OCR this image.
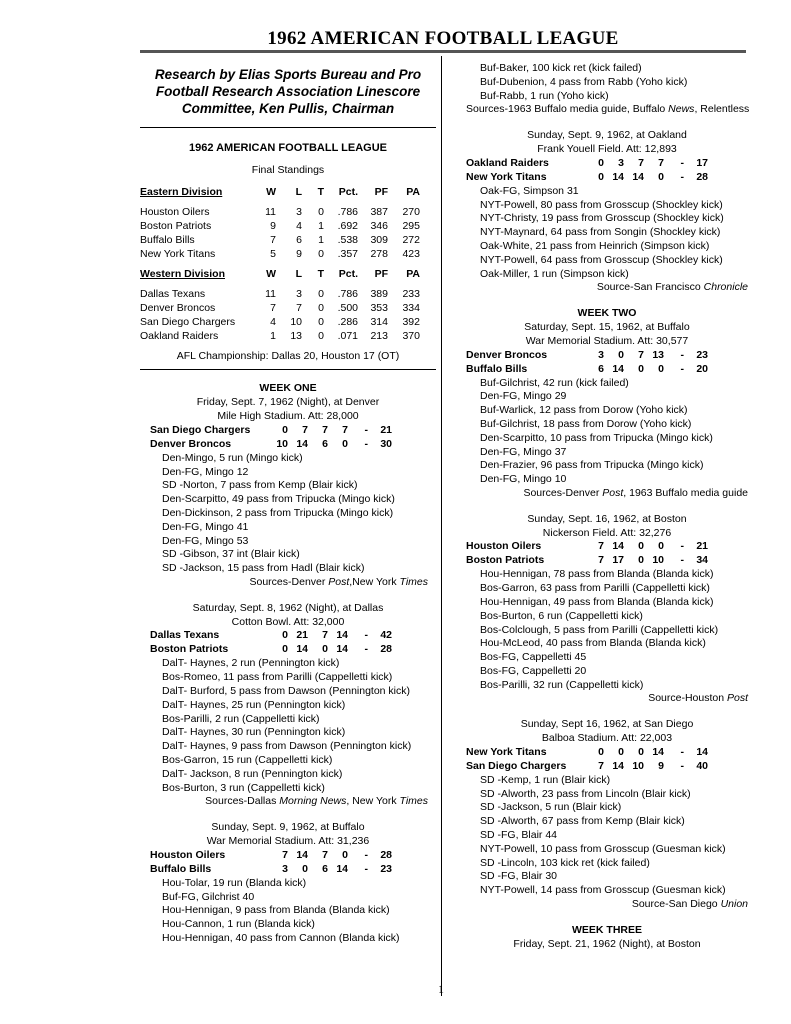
1962 AMERICAN FOOTBALL LEAGUE
1
Research by Elias Sports Bureau and Pro
Football Research Association Linescore
Committee, Ken Pullis, Chairman
1962 AMERICAN FOOTBALL LEAGUE
Final Standings
Eastern Division	W	L	T	Pct.	PF	PA

Houston Oilers	11	3	0	.786	387	270
Boston Patriots	9	4	1	.692	346	295
Buffalo Bills	7	6	1	.538	309	272
New York Titans	5	9	0	.357	278	423

Western Division	W	L	T	Pct.	PF	PA

Dallas Texans	11	3	0	.786	389	233
Denver Broncos	7	7	0	.500	353	334
San Diego Chargers	4	10	0	.286	314	392
Oakland Raiders	1	13	0	.071	213	370
AFL Championship: Dallas 20, Houston 17 (OT)
WEEK ONE
Friday, Sept. 7, 1962 (Night), at Denver
Mile High Stadium. Att: 28,000
San Diego Chargers	0	7	7	7	-	21
Denver Broncos	10	14	6	0	-	30
Den-Mingo, 5 run (Mingo kick)
Den-FG, Mingo 12
SD -Norton, 7 pass from Kemp (Blair kick)
Den-Scarpitto, 49 pass from Tripucka (Mingo kick)
Den-Dickinson, 2 pass from Tripucka (Mingo kick)
Den-FG, Mingo 41
Den-FG, Mingo 53
SD -Gibson, 37 int (Blair kick)
SD -Jackson, 15 pass from Hadl (Blair kick)
Sources-Denver Post,New York Times
Saturday, Sept. 8, 1962 (Night), at Dallas
Cotton Bowl. Att: 32,000
Dallas Texans	0	21	7	14	-	42
Boston Patriots	0	14	0	14	-	28
DalT- Haynes, 2 run (Pennington kick)
Bos-Romeo, 11 pass from Parilli (Cappelletti kick)
DalT- Burford, 5 pass from Dawson (Pennington kick)
DalT- Haynes, 25 run (Pennington kick)
Bos-Parilli, 2 run (Cappelletti kick)
DalT- Haynes, 30 run (Pennington kick)
DalT- Haynes, 9 pass from Dawson (Pennington kick)
Bos-Garron, 15 run (Cappelletti kick)
DalT- Jackson, 8 run (Pennington kick)
Bos-Burton, 3 run (Cappelletti kick)
Sources-Dallas Morning News, New York Times
Sunday, Sept. 9, 1962, at Buffalo
War Memorial Stadium. Att: 31,236
Houston Oilers	7	14	7	0	-	28
Buffalo Bills	3	0	6	14	-	23
Hou-Tolar, 19 run (Blanda kick)
Buf-FG, Gilchrist 40
Hou-Hennigan, 9 pass from Blanda (Blanda kick)
Hou-Cannon, 1 run (Blanda kick)
Hou-Hennigan, 40 pass from Cannon (Blanda kick)
Buf-Baker, 100 kick ret (kick failed)
Buf-Dubenion, 4 pass from Rabb (Yoho kick)
Buf-Rabb, 1 run (Yoho kick)
Sources-1963 Buffalo media guide, Buffalo News, Relentless
Sunday, Sept. 9, 1962, at Oakland
Frank Youell Field. Att: 12,893
Oakland Raiders	0	3	7	7	-	17
New York Titans	0	14	14	0	-	28
Oak-FG, Simpson 31
NYT-Powell, 80 pass from Grosscup (Shockley kick)
NYT-Christy, 19 pass from Grosscup (Shockley kick)
NYT-Maynard, 64 pass from Songin (Shockley kick)
Oak-White, 21 pass from Heinrich (Simpson kick)
NYT-Powell, 64 pass from Grosscup (Shockley kick)
Oak-Miller, 1 run (Simpson kick)
Source-San Francisco Chronicle
WEEK TWO
Saturday, Sept. 15, 1962, at Buffalo
War Memorial Stadium. Att: 30,577
Denver Broncos	3	0	7	13	-	23
Buffalo Bills	6	14	0	0	-	20
Buf-Gilchrist, 42 run (kick failed)
Den-FG, Mingo 29
Buf-Warlick, 12 pass from Dorow (Yoho kick)
Buf-Gilchrist, 18 pass from Dorow (Yoho kick)
Den-Scarpitto, 10 pass from Tripucka (Mingo kick)
Den-FG, Mingo 37
Den-Frazier, 96 pass from Tripucka (Mingo kick)
Den-FG, Mingo 10
Sources-Denver Post, 1963 Buffalo media guide
Sunday, Sept. 16, 1962, at Boston
Nickerson Field. Att: 32,276
Houston Oilers	7	14	0	0	-	21
Boston Patriots	7	17	0	10	-	34
Hou-Hennigan, 78 pass from Blanda (Blanda kick)
Bos-Garron, 63 pass from Parilli (Cappelletti kick)
Hou-Hennigan, 49 pass from Blanda (Blanda kick)
Bos-Burton, 6 run (Cappelletti kick)
Bos-Colclough, 5 pass from Parilli (Cappelletti kick)
Hou-McLeod, 40 pass from Blanda (Blanda kick)
Bos-FG, Cappelletti 45
Bos-FG, Cappelletti 20
Bos-Parilli, 32 run (Cappelletti kick)
Source-Houston Post
Sunday, Sept 16, 1962, at San Diego
Balboa Stadium. Att: 22,003
New York Titans	0	0	0	14	-	14
San Diego Chargers	7	14	10	9	-	40
SD -Kemp, 1 run (Blair kick)
SD -Alworth, 23 pass from Lincoln (Blair kick)
SD -Jackson, 5 run (Blair kick)
SD -Alworth, 67 pass from Kemp (Blair kick)
SD -FG, Blair 44
NYT-Powell, 10 pass from Grosscup (Guesman kick)
SD -Lincoln, 103 kick ret (kick failed)
SD -FG, Blair 30
NYT-Powell, 14 pass from Grosscup (Guesman kick)
Source-San Diego Union
WEEK THREE
Friday, Sept. 21, 1962 (Night), at Boston
